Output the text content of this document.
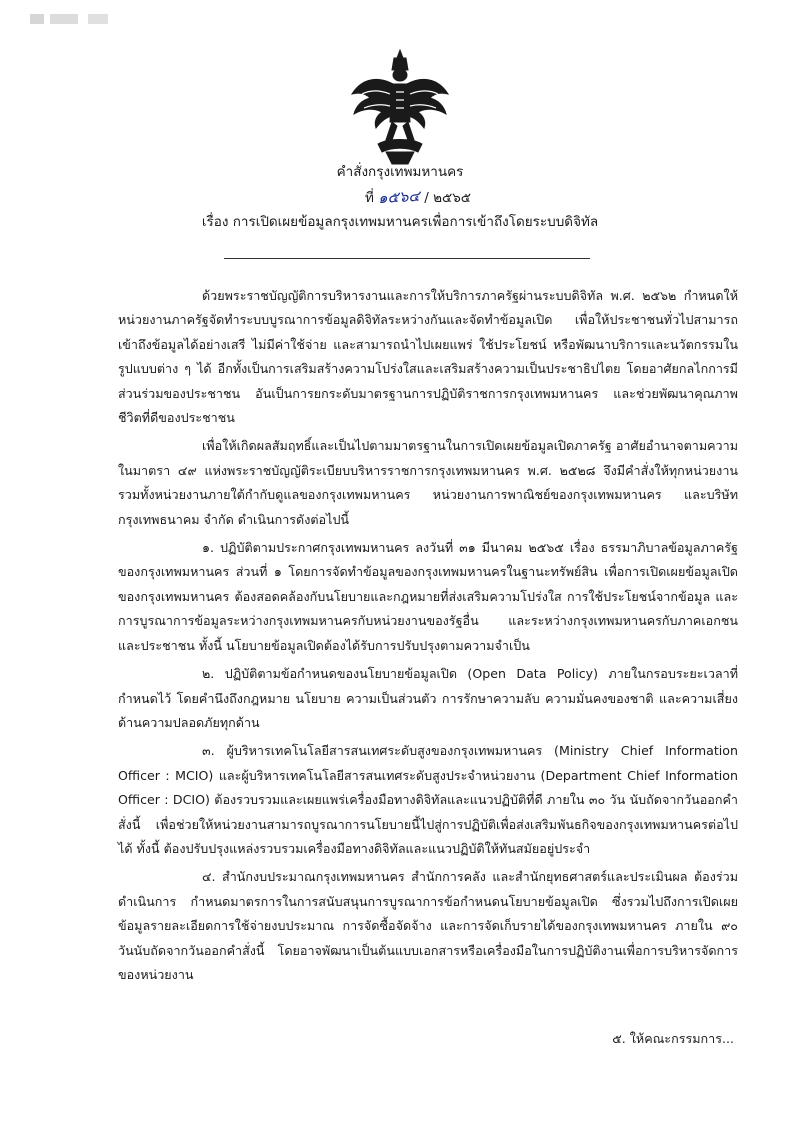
คำสั่งกรุงเทพมหานคร
ที่ ๑๕๖๔ / ๒๕๖๕
เรื่อง การเปิดเผยข้อมูลกรุงเทพมหานครเพื่อการเข้าถึงโดยระบบดิจิทัล

ด้วยพระราชบัญญัติการบริหารงานและการให้บริการภาครัฐผ่านระบบดิจิทัล พ.ศ. ๒๕๖๒ กำหนดให้หน่วยงานภาครัฐจัดทำระบบบูรณาการข้อมูลดิจิทัลระหว่างกันและจัดทำข้อมูลเปิด เพื่อให้ประชาชนทั่วไปสามารถเข้าถึงข้อมูลได้อย่างเสรี ไม่มีค่าใช้จ่าย และสามารถนำไปเผยแพร่ ใช้ประโยชน์ หรือพัฒนาบริการและนวัตกรรมในรูปแบบต่าง ๆ ได้ อีกทั้งเป็นการเสริมสร้างความโปร่งใสและเสริมสร้างความเป็นประชาธิปไตย โดยอาศัยกลไกการมีส่วนร่วมของประชาชน อันเป็นการยกระดับมาตรฐานการปฏิบัติราชการกรุงเทพมหานคร และช่วยพัฒนาคุณภาพชีวิตที่ดีของประชาชน

เพื่อให้เกิดผลสัมฤทธิ์และเป็นไปตามมาตรฐานในการเปิดเผยข้อมูลเปิดภาครัฐ อาศัยอำนาจตามความในมาตรา ๔๙ แห่งพระราชบัญญัติระเบียบบริหารราชการกรุงเทพมหานคร พ.ศ. ๒๕๒๘ จึงมีคำสั่งให้ทุกหน่วยงาน รวมทั้งหน่วยงานภายใต้กำกับดูแลของกรุงเทพมหานคร หน่วยงานการพาณิชย์ของกรุงเทพมหานคร และบริษัท กรุงเทพธนาคม จำกัด ดำเนินการดังต่อไปนี้

๑. ปฏิบัติตามประกาศกรุงเทพมหานคร ลงวันที่ ๓๑ มีนาคม ๒๕๖๕ เรื่อง ธรรมาภิบาลข้อมูลภาครัฐของกรุงเทพมหานคร ส่วนที่ ๑ โดยการจัดทำข้อมูลของกรุงเทพมหานครในฐานะทรัพย์สิน เพื่อการเปิดเผยข้อมูลเปิดของกรุงเทพมหานคร ต้องสอดคล้องกับนโยบายและกฎหมายที่ส่งเสริมความโปร่งใส การใช้ประโยชน์จากข้อมูล และการบูรณาการข้อมูลระหว่างกรุงเทพมหานครกับหน่วยงานของรัฐอื่น และระหว่างกรุงเทพมหานครกับภาคเอกชน และประชาชน ทั้งนี้ นโยบายข้อมูลเปิดต้องได้รับการปรับปรุงตามความจำเป็น

๒. ปฏิบัติตามข้อกำหนดของนโยบายข้อมูลเปิด (Open Data Policy) ภายในกรอบระยะเวลาที่กำหนดไว้ โดยคำนึงถึงกฎหมาย นโยบาย ความเป็นส่วนตัว การรักษาความลับ ความมั่นคงของชาติ และความเสี่ยงด้านความปลอดภัยทุกด้าน

๓. ผู้บริหารเทคโนโลยีสารสนเทศระดับสูงของกรุงเทพมหานคร (Ministry Chief Information Officer : MCIO) และผู้บริหารเทคโนโลยีสารสนเทศระดับสูงประจำหน่วยงาน (Department Chief Information Officer : DCIO) ต้องรวบรวมและเผยแพร่เครื่องมือทางดิจิทัลและแนวปฏิบัติที่ดี ภายใน ๓๐ วัน นับถัดจากวันออกคำสั่งนี้ เพื่อช่วยให้หน่วยงานสามารถบูรณาการนโยบายนี้ไปสู่การปฏิบัติเพื่อส่งเสริมพันธกิจของกรุงเทพมหานครต่อไปได้ ทั้งนี้ ต้องปรับปรุงแหล่งรวบรวมเครื่องมือทางดิจิทัลและแนวปฏิบัติให้ทันสมัยอยู่ประจำ

๔. สำนักงบประมาณกรุงเทพมหานคร สำนักการคลัง และสำนักยุทธศาสตร์และประเมินผล ต้องร่วมดำเนินการ กำหนดมาตรการในการสนับสนุนการบูรณาการข้อกำหนดนโยบายข้อมูลเปิด ซึ่งรวมไปถึงการเปิดเผยข้อมูลรายละเอียดการใช้จ่ายงบประมาณ การจัดซื้อจัดจ้าง และการจัดเก็บรายได้ของกรุงเทพมหานคร ภายใน ๙๐ วันนับถัดจากวันออกคำสั่งนี้ โดยอาจพัฒนาเป็นต้นแบบเอกสารหรือเครื่องมือในการปฏิบัติงานเพื่อการบริหารจัดการของหน่วยงาน

๕. ให้คณะกรรมการ...
